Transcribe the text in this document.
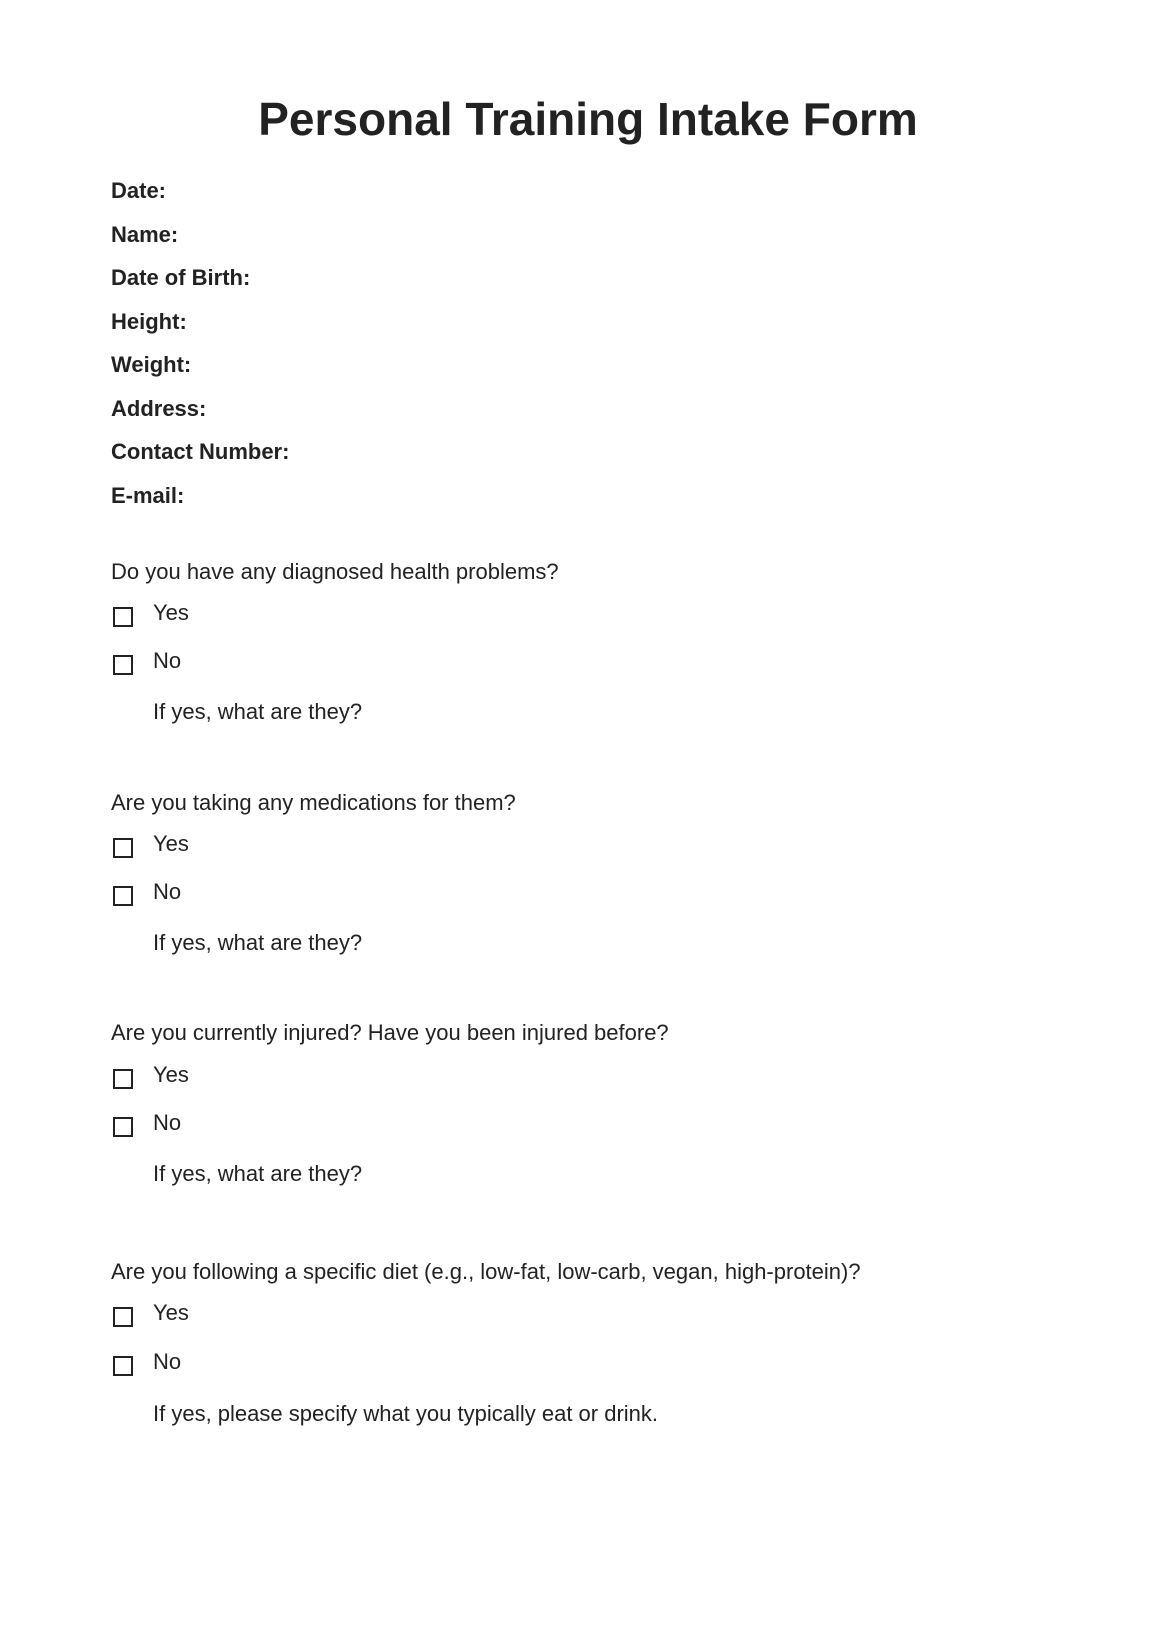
Personal Training Intake Form
Date:
Name:
Date of Birth:
Height:
Weight:
Address:
Contact Number:
E-mail:
Do you have any diagnosed health problems?
Yes
No
If yes, what are they?
Are you taking any medications for them?
Yes
No
If yes, what are they?
Are you currently injured? Have you been injured before?
Yes
No
If yes, what are they?
Are you following a specific diet (e.g., low-fat, low-carb, vegan, high-protein)?
Yes
No
If yes, please specify what you typically eat or drink.
